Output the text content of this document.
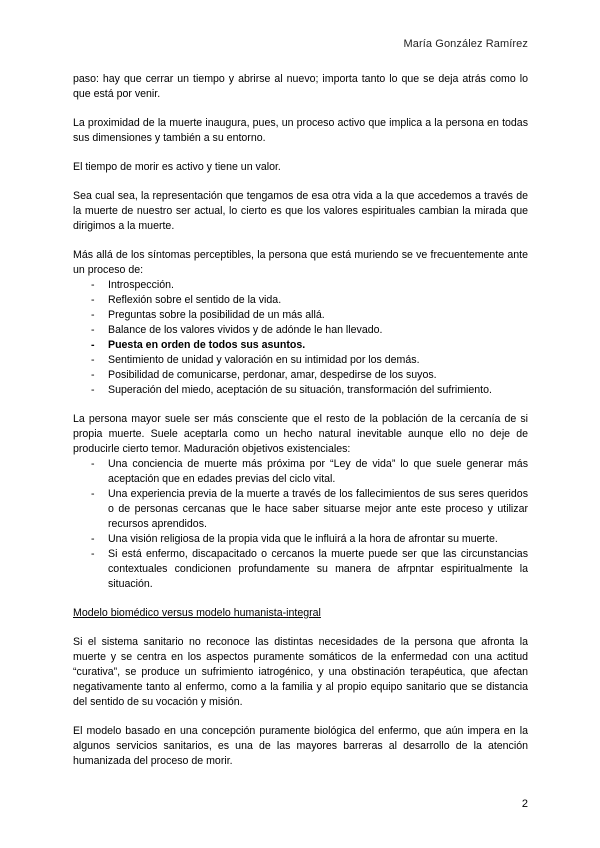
María González Ramírez

paso: hay que cerrar un tiempo y abrirse al nuevo; importa tanto lo que se deja atrás como lo que está por venir.

La proximidad de la muerte inaugura, pues, un proceso activo que implica a la persona en todas sus dimensiones y también a su entorno.

El tiempo de morir es activo y tiene un valor.

Sea cual sea, la representación que tengamos de esa otra vida a la que accedemos a través de la muerte de nuestro ser actual, lo cierto es que los valores espirituales cambian la mirada que dirigimos a la muerte.

Más allá de los síntomas perceptibles, la persona que está muriendo se ve frecuentemente ante un proceso de:

- Introspección.
- Reflexión sobre el sentido de la vida.
- Preguntas sobre la posibilidad de un más allá.
- Balance de los valores vividos y de adónde le han llevado.
- Puesta en orden de todos sus asuntos.
- Sentimiento de unidad y valoración en su intimidad por los demás.
- Posibilidad de comunicarse, perdonar, amar, despedirse de los suyos.
- Superación del miedo, aceptación de su situación, transformación del sufrimiento.

La persona mayor suele ser más consciente que el resto de la población de la cercanía de si propia muerte. Suele aceptarla como un hecho natural inevitable aunque ello no deje de producirle cierto temor. Maduración objetivos existenciales:

- Una conciencia de muerte más próxima por “Ley de vida” lo que suele generar más aceptación que en edades previas del ciclo vital.
- Una experiencia previa de la muerte a través de los fallecimientos de sus seres queridos o de personas cercanas que le hace saber situarse mejor ante este proceso y utilizar recursos aprendidos.
- Una visión religiosa de la propia vida que le influirá a la hora de afrontar su muerte.
- Si está enfermo, discapacitado o cercanos la muerte puede ser que las circunstancias contextuales condicionen profundamente su manera de afrpntar espiritualmente la situación.
Modelo biomédico versus modelo humanista-integral

Si el sistema sanitario no reconoce las distintas necesidades de la persona que afronta la muerte y se centra en los aspectos puramente somáticos de la enfermedad con una actitud “curativa”, se produce un sufrimiento iatrogénico, y una obstinación terapéutica, que afectan negativamente tanto al enfermo, como a la familia y al propio equipo sanitario que se distancia del sentido de su vocación y misión.

El modelo basado en una concepción puramente biológica del enfermo, que aún impera en la algunos servicios sanitarios, es una de las mayores barreras al desarrollo de la atención humanizada del proceso de morir.

2
